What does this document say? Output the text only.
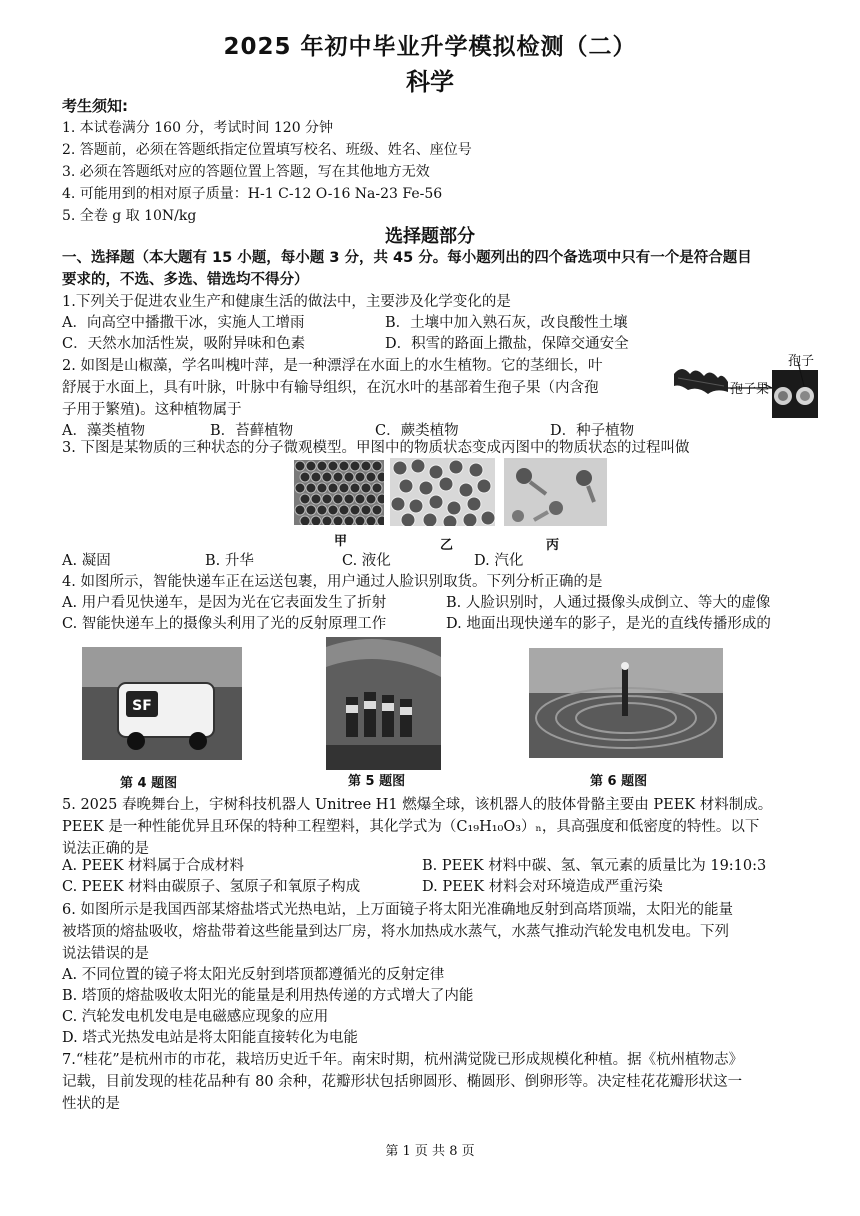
2025 年初中毕业升学模拟检测（二）
科学
考生须知:
1. 本试卷满分 160 分，考试时间 120 分钟
2. 答题前，必须在答题纸指定位置填写校名、班级、姓名、座位号
3. 必须在答题纸对应的答题位置上答题，写在其他地方无效
4. 可能用到的相对原子质量：H-1 C-12 O-16 Na-23 Fe-56
5. 全卷 g 取 10N/kg
选择题部分
一、选择题（本大题有 15 小题，每小题 3 分，共 45 分。每小题列出的四个备选项中只有一个是符合题目
要求的，不选、多选、错选均不得分）
1.下列关于促进农业生产和健康生活的做法中，主要涉及化学变化的是
A．向高空中播撒干冰，实施人工增雨	B．土壤中加入熟石灰，改良酸性土壤
C．天然水加活性炭，吸附异味和色素	D．积雪的路面上撒盐，保障交通安全
2. 如图是山椒藻，学名叫槐叶萍，是一种漂浮在水面上的水生植物。它的茎细长，叶
舒展于水面上，具有叶脉，叶脉中有输导组织，在沉水叶的基部着生孢子果（内含孢
子用于繁殖)。这种植物属于
A．藻类植物	B．苔藓植物	C．蕨类植物	D．种子植物
孢子
孢子果
3. 下图是某物质的三种状态的分子微观模型。甲图中的物质状态变成丙图中的物质状态的过程叫做
甲	乙	丙
A. 凝固	B. 升华	C. 液化	D. 汽化
4. 如图所示，智能快递车正在运送包裹，用户通过人脸识别取货。下列分析正确的是
A. 用户看见快递车，是因为光在它表面发生了折射	B. 人脸识别时，人通过摄像头成倒立、等大的虚像
C. 智能快递车上的摄像头利用了光的反射原理工作	D. 地面出现快递车的影子，是光的直线传播形成的
SF
第 4 题图	第 5 题图	第 6 题图
5. 2025 春晚舞台上，宇树科技机器人 Unitree H1 燃爆全球，该机器人的肢体骨骼主要由 PEEK 材料制成。
PEEK 是一种性能优异且环保的特种工程塑料，其化学式为（C₁₉H₁₀O₃）ₙ，具高强度和低密度的特性。以下
说法正确的是
A. PEEK 材料属于合成材料	B. PEEK 材料中碳、氢、氧元素的质量比为 19:10:3
C. PEEK 材料由碳原子、氢原子和氧原子构成	D. PEEK 材料会对环境造成严重污染
6. 如图所示是我国西部某熔盐塔式光热电站，上万面镜子将太阳光准确地反射到高塔顶端，太阳光的能量
被塔顶的熔盐吸收，熔盐带着这些能量到达厂房，将水加热成水蒸气，水蒸气推动汽轮发电机发电。下列
说法错误的是
A. 不同位置的镜子将太阳光反射到塔顶都遵循光的反射定律
B. 塔顶的熔盐吸收太阳光的能量是利用热传递的方式增大了内能
C. 汽轮发电机发电是电磁感应现象的应用
D. 塔式光热发电站是将太阳能直接转化为电能
7.“桂花”是杭州市的市花，栽培历史近千年。南宋时期，杭州满觉陇已形成规模化种植。据《杭州植物志》
记载，目前发现的桂花品种有 80 余种，花瓣形状包括卵圆形、椭圆形、倒卵形等。决定桂花花瓣形状这一
性状的是
第 1 页 共 8 页
